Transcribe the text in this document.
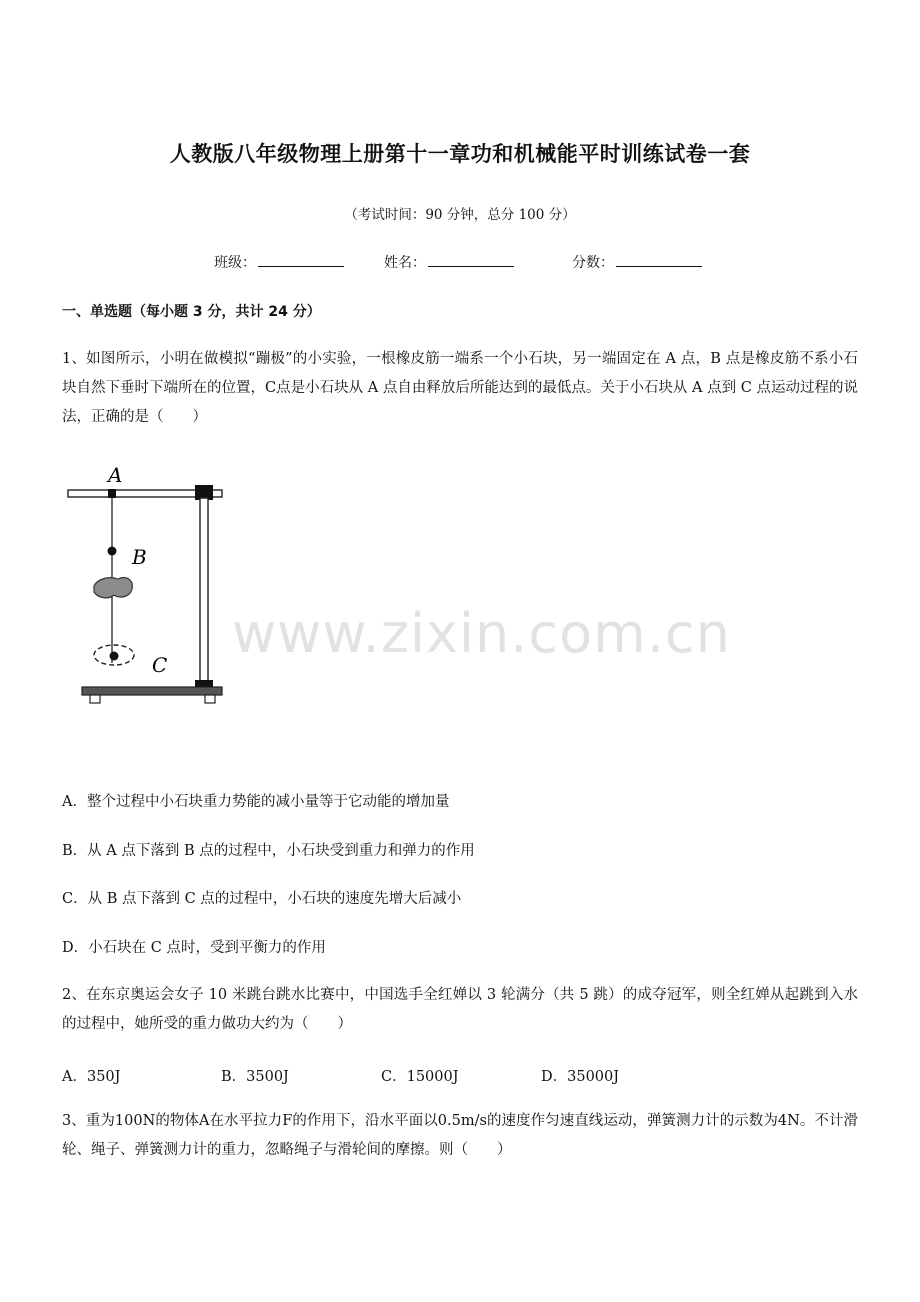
人教版八年级物理上册第十一章功和机械能平时训练试卷一套
（考试时间：90 分钟，总分 100 分）
班级：	姓名：	分数：
一、单选题（每小题 3 分，共计 24 分）
1、如图所示，小明在做模拟“蹦极”的小实验，一根橡皮筋一端系一个小石块，另一端固定在 A 点，B 点是橡皮筋不系小石块自然下垂时下端所在的位置，C点是小石块从 A 点自由释放后所能达到的最低点。关于小石块从 A 点到 C 点运动过程的说法，正确的是（　　）
A
B
C www.zixin.com.cn
A．整个过程中小石块重力势能的减小量等于它动能的增加量
B．从 A 点下落到 B 点的过程中，小石块受到重力和弹力的作用
C．从 B 点下落到 C 点的过程中，小石块的速度先增大后减小
D．小石块在 C 点时，受到平衡力的作用
2、在东京奥运会女子 10 米跳台跳水比赛中，中国选手全红婵以 3 轮满分（共 5 跳）的成夺冠军，则全红婵从起跳到入水的过程中，她所受的重力做功大约为（　　）
A．350J	B．3500J	C．15000J	D．35000J
3、重为100N的物体A在水平拉力F的作用下，沿水平面以0.5m/s的速度作匀速直线运动，弹簧测力计的示数为4N。不计滑轮、绳子、弹簧测力计的重力，忽略绳子与滑轮间的摩擦。则（　　）
